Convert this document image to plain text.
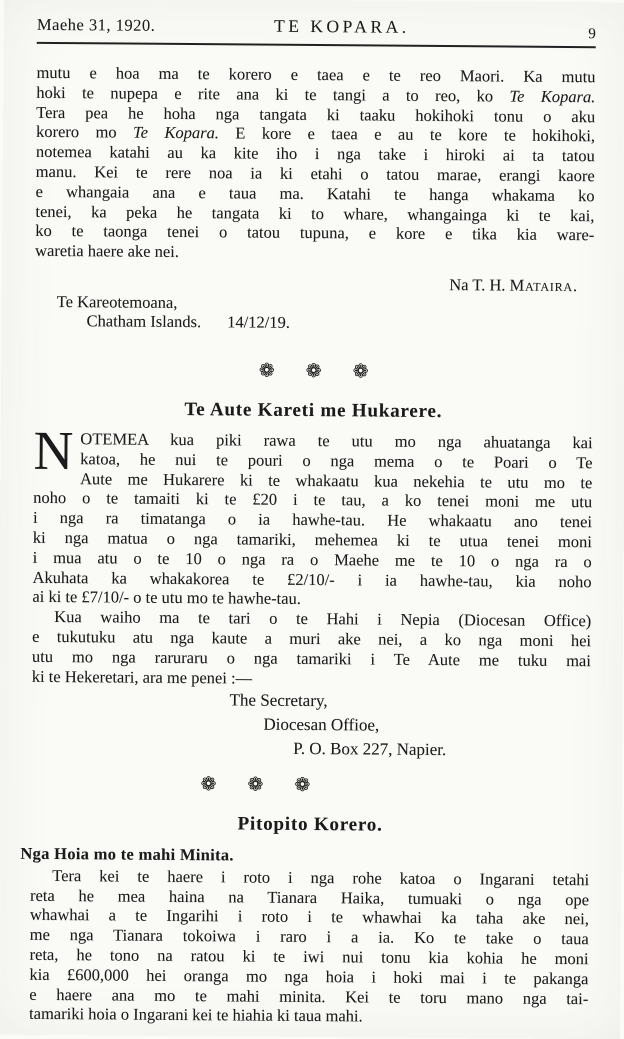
Maehe 31, 1920.	TE KOPARA.	9
mutu e hoa ma te korero e taea e te reo Maori. Ka mutu
hoki te nupepa e rite ana ki te tangi a to reo, ko Te Kopara.
Tera pea he hoha nga tangata ki taaku hokihoki tonu o aku
korero mo Te Kopara. E kore e taea e au te kore te hokihoki,
notemea katahi au ka kite iho i nga take i hiroki ai ta tatou
manu. Kei te rere noa ia ki etahi o tatou marae, erangi kaore
e whangaia ana e taua ma. Katahi te hanga whakama ko
tenei, ka peka he tangata ki to whare, whangainga ki te kai,
ko te taonga tenei o tatou tupuna, e kore e tika kia ware-
waretia haere ake nei.
Na T. H. Mataira.
Te Kareotemoana,
Chatham Islands. 14/12/19.
❁ ❁ ❁
Te Aute Kareti me Hukarere.
N OTEMEA kua piki rawa te utu mo nga ahuatanga kai
katoa, he nui te pouri o nga mema o te Poari o Te
Aute me Hukarere ki te whakaatu kua nekehia te utu mo te
noho o te tamaiti ki te £20 i te tau, a ko tenei moni me utu
i nga ra timatanga o ia hawhe-tau. He whakaatu ano tenei
ki nga matua o nga tamariki, mehemea ki te utua tenei moni
i mua atu o te 10 o nga ra o Maehe me te 10 o nga ra o
Akuhata ka whakakorea te £2/10/- i ia hawhe-tau, kia noho
ai ki te £7/10/- o te utu mo te hawhe-tau.
Kua waiho ma te tari o te Hahi i Nepia (Diocesan Office)
e tukutuku atu nga kaute a muri ake nei, a ko nga moni hei
utu mo nga raruraru o nga tamariki i Te Aute me tuku mai
ki te Hekeretari, ara me penei :—
The Secretary,
Diocesan Offioe,
P. O. Box 227, Napier.
❁ ❁ ❁
Pitopito Korero.
Nga Hoia mo te mahi Minita.
Tera kei te haere i roto i nga rohe katoa o Ingarani tetahi
reta he mea haina na Tianara Haika, tumuaki o nga ope
whawhai a te Ingarihi i roto i te whawhai ka taha ake nei,
me nga Tianara tokoiwa i raro i a ia. Ko te take o taua
reta, he tono na ratou ki te iwi nui tonu kia kohia he moni
kia £600,000 hei oranga mo nga hoia i hoki mai i te pakanga
e haere ana mo te mahi minita. Kei te toru mano nga tai-
tamariki hoia o Ingarani kei te hiahia ki taua mahi.
